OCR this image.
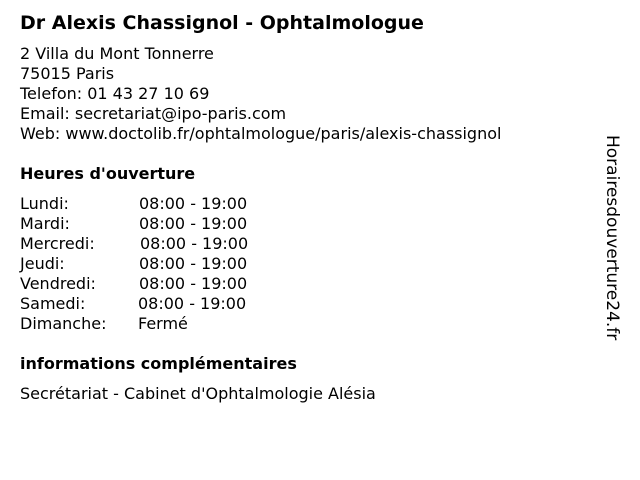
Dr Alexis Chassignol - Ophtalmologue
2 Villa du Mont Tonnerre
75015 Paris
Telefon: 01 43 27 10 69
Email: secretariat@ipo-paris.com
Web: www.doctolib.fr/ophtalmologue/paris/alexis-chassignol
Heures d'ouverture
Lundi:	08:00 - 19:00
Mardi:	08:00 - 19:00
Mercredi:	08:00 - 19:00
Jeudi:	08:00 - 19:00
Vendredi:	08:00 - 19:00
Samedi:	08:00 - 19:00
Dimanche: Fermé
informations complémentaires
Secrétariat - Cabinet d'Ophtalmologie Alésia
Horairesdouverture24.fr
